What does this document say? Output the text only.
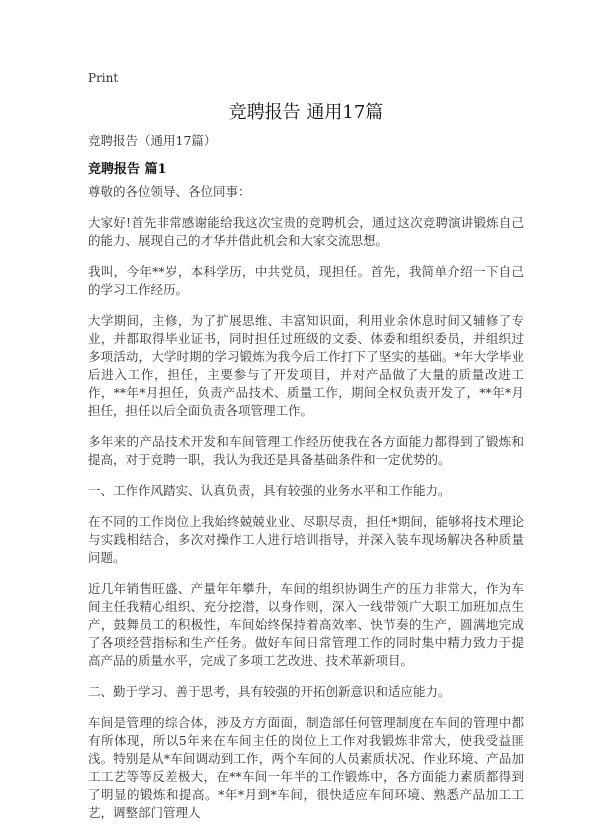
Print
竞聘报告 通用17篇
竞聘报告（通用17篇）
竞聘报告 篇1

尊敬的各位领导、各位同事：

大家好!首先非常感谢能给我这次宝贵的竞聘机会，通过这次竞聘演讲锻炼自己的能力、展现自己的才华并借此机会和大家交流思想。

我叫，今年**岁，本科学历，中共党员，现担任。首先，我简单介绍一下自己的学习工作经历。

大学期间，主修，为了扩展思维、丰富知识面，利用业余休息时间又辅修了专业，并都取得毕业证书，同时担任过班级的文委、体委和组织委员，并组织过多项活动，大学时期的学习锻炼为我今后工作打下了坚实的基础。*年大学毕业后进入工作，担任，主要参与了开发项目，并对产品做了大量的质量改进工作，**年*月担任，负责产品技术、质量工作，期间全权负责开发了，**年*月担任，担任以后全面负责各项管理工作。

多年来的产品技术开发和车间管理工作经历使我在各方面能力都得到了锻炼和提高，对于竞聘一职，我认为我还是具备基础条件和一定优势的。

一、工作作风踏实、认真负责，具有较强的业务水平和工作能力。

在不同的工作岗位上我始终兢兢业业、尽职尽责，担任*期间，能够将技术理论与实践相结合，多次对操作工人进行培训指导，并深入装车现场解决各种质量问题。

近几年销售旺盛、产量年年攀升，车间的组织协调生产的压力非常大，作为车间主任我精心组织、充分挖潜，以身作则，深入一线带领广大职工加班加点生产，鼓舞员工的积极性，车间始终保持着高效率、快节奏的生产，圆满地完成了各项经营指标和生产任务。做好车间日常管理工作的同时集中精力致力于提高产品的质量水平，完成了多项工艺改进、技术革新项目。

二、勤于学习、善于思考，具有较强的开拓创新意识和适应能力。

车间是管理的综合体，涉及方方面面，制造部任何管理制度在车间的管理中都有所体现，所以5年来在车间主任的岗位上工作对我锻炼非常大，使我受益匪浅。特别是从*车间调动到工作，两个车间的人员素质状况、作业环境、产品加工工艺等等反差极大，在**车间一年半的工作锻炼中，各方面能力素质都得到了明显的锻炼和提高。*年*月到*车间，很快适应车间环境、熟悉产品加工工艺，调整部门管理人
